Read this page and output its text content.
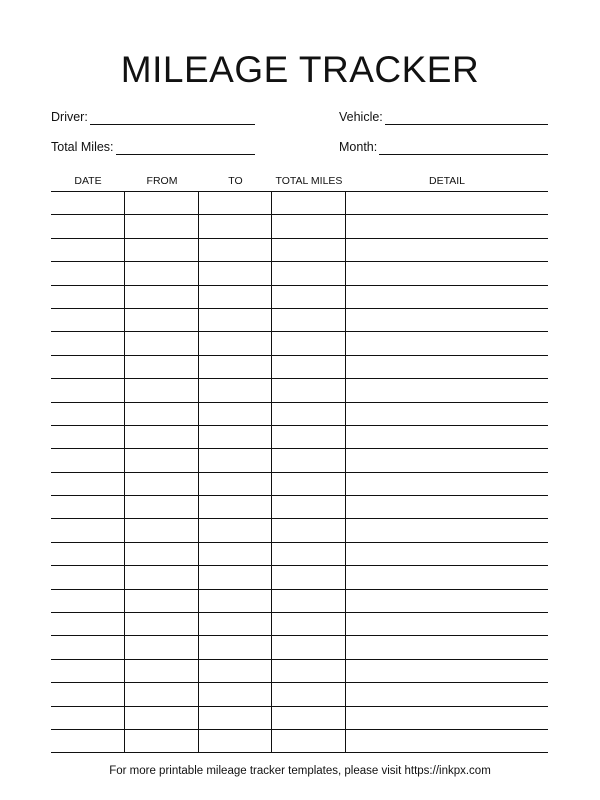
MILEAGE TRACKER
Driver:	Vehicle:
Total Miles:	Month:
DATE	FROM	TO	TOTAL MILES	DETAIL
For more printable mileage tracker templates, please visit https://inkpx.com
